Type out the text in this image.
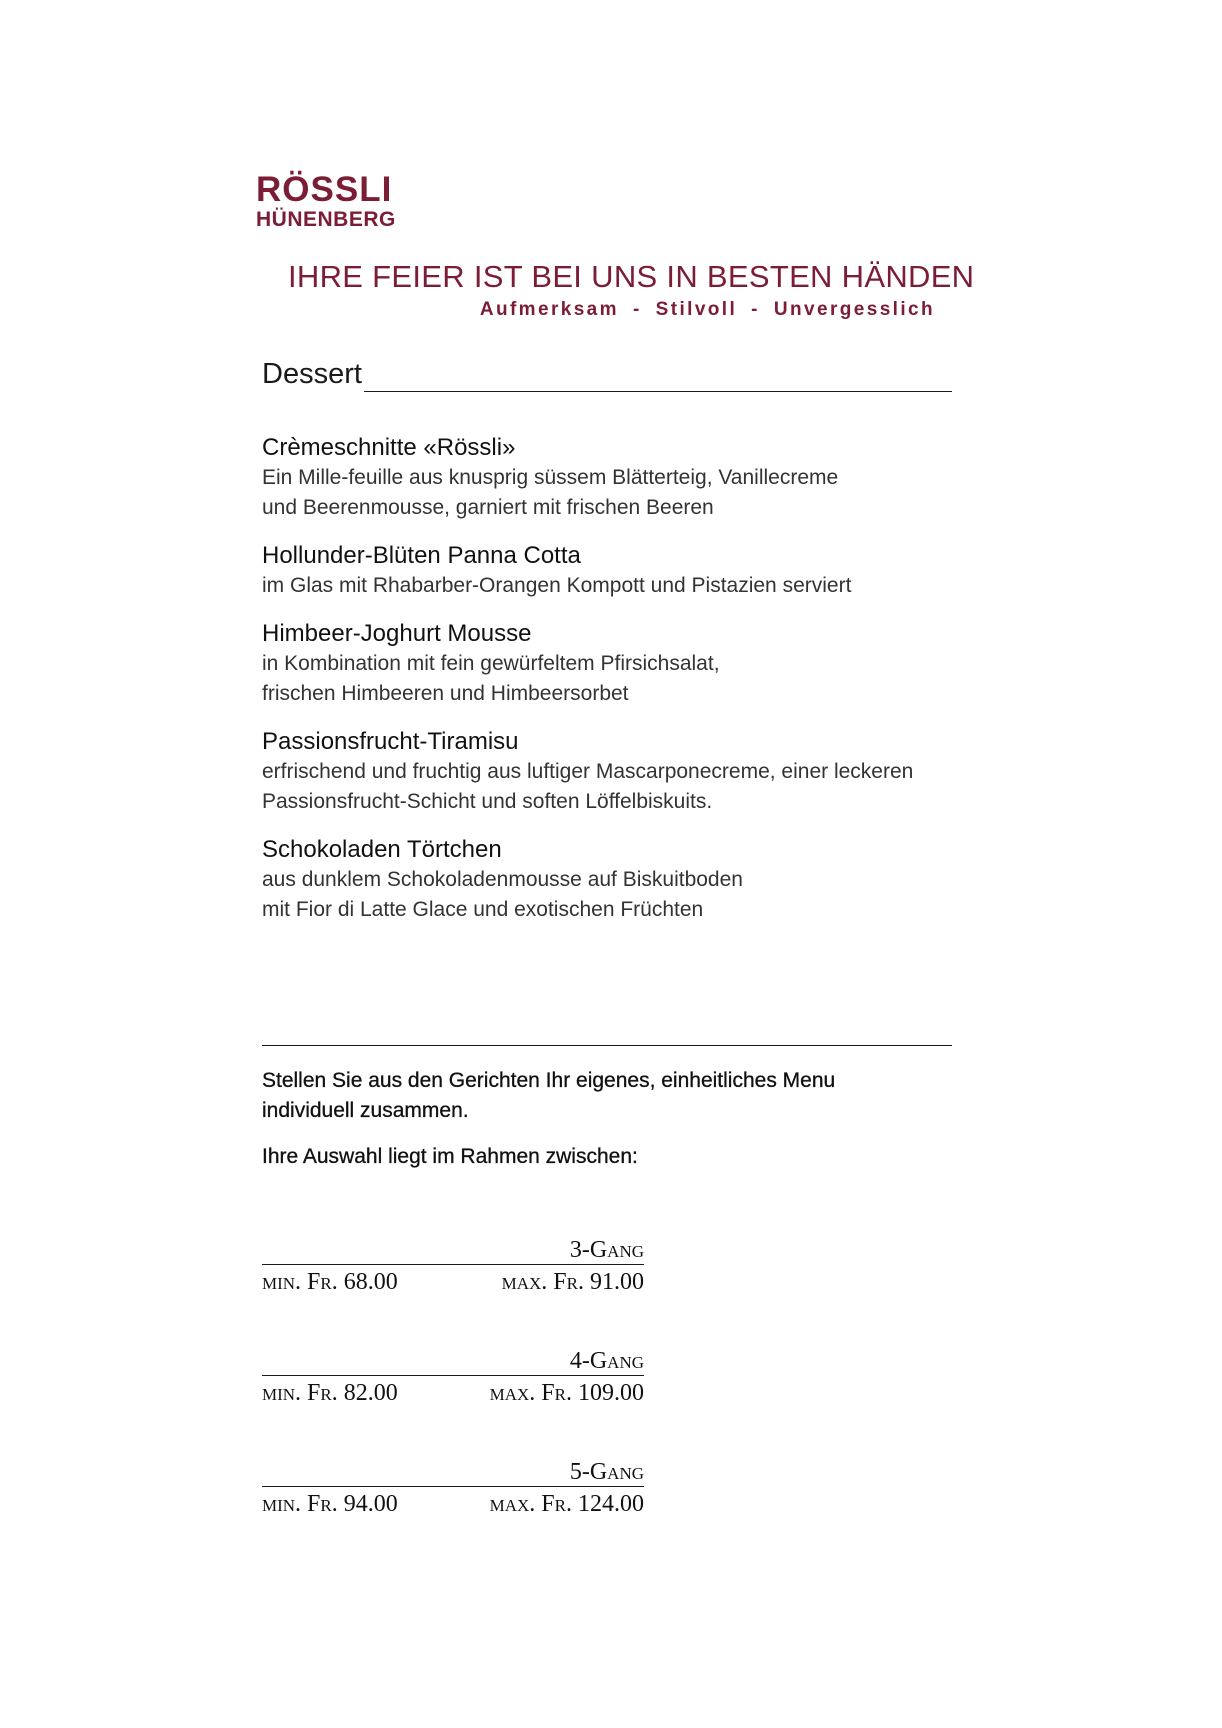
RÖSSLI
HÜNENBERG
IHRE FEIER IST BEI UNS IN BESTEN HÄNDEN
Aufmerksam - Stilvoll - Unvergesslich
Dessert
Crèmeschnitte «Rössli»
Ein Mille-feuille aus knusprig süssem Blätterteig, Vanillecreme
und Beerenmousse, garniert mit frischen Beeren
Hollunder-Blüten Panna Cotta
im Glas mit Rhabarber-Orangen Kompott und Pistazien serviert
Himbeer-Joghurt Mousse
in Kombination mit fein gewürfeltem Pfirsichsalat,
frischen Himbeeren und Himbeersorbet
Passionsfrucht-Tiramisu
erfrischend und fruchtig aus luftiger Mascarponecreme, einer leckeren
Passionsfrucht-Schicht und soften Löffelbiskuits.
Schokoladen Törtchen
aus dunklem Schokoladenmousse auf Biskuitboden
mit Fior di Latte Glace und exotischen Früchten
Stellen Sie aus den Gerichten Ihr eigenes, einheitliches Menu
individuell zusammen.
Ihre Auswahl liegt im Rahmen zwischen:
3-Gang
min. Fr. 68.00	max. Fr. 91.00
4-Gang
min. Fr. 82.00	max. Fr. 109.00
5-Gang
min. Fr. 94.00	max. Fr. 124.00
